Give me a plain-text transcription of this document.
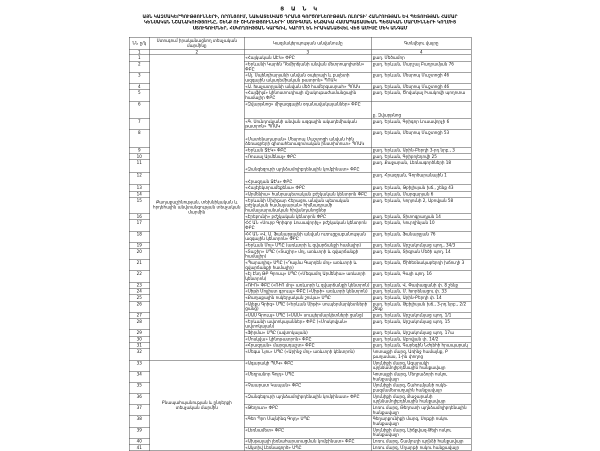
Ց Ա Ն Կ
ԱՅՆ ԿԱԶՄԱԿԵՐՊՈՒԹՅՈՒՆՆԵՐԻ, ՈՐՈՆՑՈՒՄ, ՆԱԽԱՏԵՍՎԱԾ ԴՐԱՆՑ ԳՈՐԾՈՒՆԵՈՒԹՅԱՆ ՈԼՈՐՏԻ՝ ՀԱՆՐՈՒԹՅԱՆ ԵՎ ՊԵՏՈՒԹՅԱՆ ՀԱՄԱՐ
ԿԵՆՍԱԿԱՆ ՆՇԱՆԱԿՈՒԹՅՈՒՆԸ, ՇԵՆՔ ՈՒ ՇԻՆՈՒԹՅՈՒՆՆԵՐԻ՝ ՍՏՈՒԳՄԱՆ ԵՆԹԱԿԱ ՀԱՄԱՊԱՏԱՍԽԱՆ ՊԵՏԱԿԱՆ ՄԱՐՄԻՆՆԵՐԻ ԿՈՂՄԻՑ
ՍՏՈՒԳՈՒՄՆԵՐ, ՀՍԿՈՂՈՒԹՅԱՆ ԿԱՐԳՈՎ, ԿԱՐՈՂ ԵՆ ԻՐԱԿԱՆԱՑՎԵԼ ՎԵՑ ԱՄԻՍԸ ՄԵԿ ԱՆԳԱՄ
ՆՆ ը/կ	Ստուգում իրականացնող տեսչական մարմինը	Կազմակերպության անվանումը	Գտնվելու վայրը
1	2	3	4
1	Քաղաքաշինության, տեխնիկական և հրդեհային անվտանգության տեսչական մարմին	«Հայկական ԱԷԿ» ՓԲԸ	քաղ. Մեծամոր
2		«Երևանի Կարեն Դեմիրճյանի անվան մետրոպոլիտեն» ՓԲԸ	քաղ. Երևան, Մարշալ Բաղրամյան 76
3		«Ալ. Սպենդիարյանի անվան օպերայի և բալետի ազգային ակադեմիական թատրոն» ՊՈԱԿ	քաղ. Երևան, Մեսրոպ Մաշտոցի 46
4		«Ա. Խաչատրյանի անվան մեծ համերգասրահ» ՊՈԱԿ	քաղ. Երևան, Մեսրոպ Մաշտոցի 46
5		«Հայֆիլմ» կինոստուդիայի մշակութաժամանցային համալիր ՓԲԸ	քաղ. Երևան, Ծովակալ Իսակովի պողոտա
6		«Զվարթնոց» միջազգային օդանավակայաններ» ՓԲԸ	ք. Զվարթնոց
7		«Գ. Սունդուկյանի անվան ազգային ակադեմիական թատրոն» ՊՈԱԿ	քաղ. Երևան, Գրիգոր Լուսավորչի 6
8		«Մատենադարան» Մեսրոպ Մաշտոցի անվան հին ձեռագրերի գիտահետազոտական ինստիտուտ» ՊՈԱԿ	քաղ. Երևան, Մեսրոպ Մաշտոցի 53
9		«Երևան ՋԷԿ» ՓԲԸ	քաղ. Երևան, Արին-Բերդի 3-րդ նրբ., 3
10		«Ռուսալ Արմենալ» ՓԲԸ	քաղ. Երևան, Գրիբոյեդովի 25
11		«Զանգեզուրի պղնձամոլիբդենային կոմբինատ» ՓԲԸ	քաղ. Քաջարան, Լեռնագործների 18
12		«Հրազդան ՋԷԿ» ՓԲԸ	քաղ. Հրազդան, Գործարանային 1
13		«Հայէլեկտրամեքենա» ՓԲԸ	քաղ. Երևան, Թբիլիսյան խճ., շենք 43
14		«Արմենիա» հանրապետական բժշկական կենտրոն ՓԲԸ	քաղ. Երևան, Մարգարյան 6
15		«Երևանի Մխիթար Հերացու անվան պետական բժշկական համալսարան» հիմնադրամի համալսարանական հիվանդանոցներ	քաղ. Երևան, Կորյունի 2, Աբովյան 58
16		«Էրեբունի» բժշկական կենտրոն ՓԲԸ	քաղ. Երևան, Տիտոգրադյան 14
17		ՀՀ ԱՆ «Սուրբ Գրիգոր Լուսավորիչ» բժշկական կենտրոն ՓԲԸ	քաղ. Երևան, Կուրղինյան 10
18		ՀՀ ԱՆ «Վ. Ա. Ֆանարջյանի անվան ուռուցքաբանության ազգային կենտրոն» ՓԲԸ	քաղ. Երևան, Ֆանարջյան 76
19		«Երևան Մոլ» ՍՊԸ (առևտրի և զվարճանքի համալիր)	քաղ. Երևան, Արշակունյաց պող., 34/3
20		«Տաշիր» ՍՊԸ («Տաշիր» մոլ, առևտրի և զվարճանքի համալիր)	քաղ. Երևան, Տիգրան Մեծի պող. 14
21		«Պարադիզ» ՍՊԸ («Դալմա Գարդեն մոլ» առևտրի և զվարճանքի համալիր)	քաղ. Երևան, Ծիծեռնակաբերդի խճուղի 3
22		«Էյ Էնդ ԹԲ Գրուպ» ՍՊԸ («Մեգամոլ Արմենիա» առևտրի կենտրոն)	քաղ. Երևան, Գայի պող. 16
23		«ՌԻՈ» ՓԲԸ («ՌԻՈ մոլ» առևտրի և զվարճանքի կենտրոն)	քաղ. Երևան, Վ. Փափազյանի փ. 8 շենք
24		«Սիթի Մոլլիստ գրուպ» ՓԲԸ («Սիթի» առևտրի կենտրոն)	քաղ. Երևան, Մ. Խորենացու փ. 33
25		«Քաղաքային ոսկերչական շուկա» ՍՊԸ	քաղ. Երևան, Արին-Բերդի փ. 14
26		«Ալեքս Գրիգ» ՍՊԸ («Երևան Սիթի» սուպերմարկետների ցանց)	քաղ. Երևան, Թբիլիսյան խճ., 3-րդ նրբ., 2/2 շենք
27		«ՍԱՍ Գրուպ» ՍՊԸ («ՍԱՍ» սուպերմարկետների ցանց)	քաղ. Երևան, Արշակունյաց պող. 1/1
28		«Երևանի ավտոկայաններ» ՓԲԸ («Մոսկովյան» ավտոկայան)	քաղ. Երևան, Արշակունյաց պող. 15
29		«Ֆիրմա» ՍՊԸ (ավտոկայան)	քաղ. Երևան, Արշակունյաց պող. 17ա
30		«Մոսկվա» կինոթատրոն» ՓԲԸ	քաղ. Երևան, Աբովյան փ. 14/2
31		«Հրազդան» մարզադաշտ» ՓԲԸ	քաղ. Երևան, Գարեգին Նժդեհի հրապարակ
32		«Մեգա Նյու» ՍՊԸ («Արինջ մոլ» առևտրի կենտրոն)	Կոտայքի մարզ, Առինջ համայնք, Բ թաղամաս, 1-ին փողոց
33	Բնապահպանության և ընդերքի տեսչական մարմին	«Ագարակի ՊՄԿ» ՓԲԸ	Սյունիքի մարզ, Ագարակի պղնձամոլիբդենային հանքավայր
34		«Մեղրաձոր Գոլդ» ՍՊԸ	Կոտայքի մարզ, Մեղրաձորի ոսկու հանքավայր
35		«Չաարատ Կապան» ՓԲԸ	Սյունիքի մարզ, Շահումյանի ոսկե-բազմամետաղային հանքավայր
36		«Զանգեզուրի պղնձամոլիբդենային կոմբինատ» ՓԲԸ	Սյունիքի մարզ, Քաջարանի պղնձամոլիբդենային հանքավայր
37		«Թեղուտ» ՓԲԸ	Լոռու մարզ, Թեղուտի պղնձամոլիբդենային հանքավայր
38		«Գեո Պրո Մայնինգ Գոլդ» ՍՊԸ	Գեղարքունիքի մարզ, Սոթքի ոսկու հանքավայր
39		«Լեռնամետ» ՓԲԸ	Սյունիքի մարզ, Լիճքվազ-Թեյի ոսկու հանքավայր
40		«Ախթալայի լեռնահարստացման կոմբինատ» ՓԲԸ	Լոռու մարզ, Շամլուղի պղնձի հանքավայր
41		«Ակտիվ Լեռնագործ» ՍՊԸ	Լոռու մարզ, Մղարթի ոսկու հանքավայր
